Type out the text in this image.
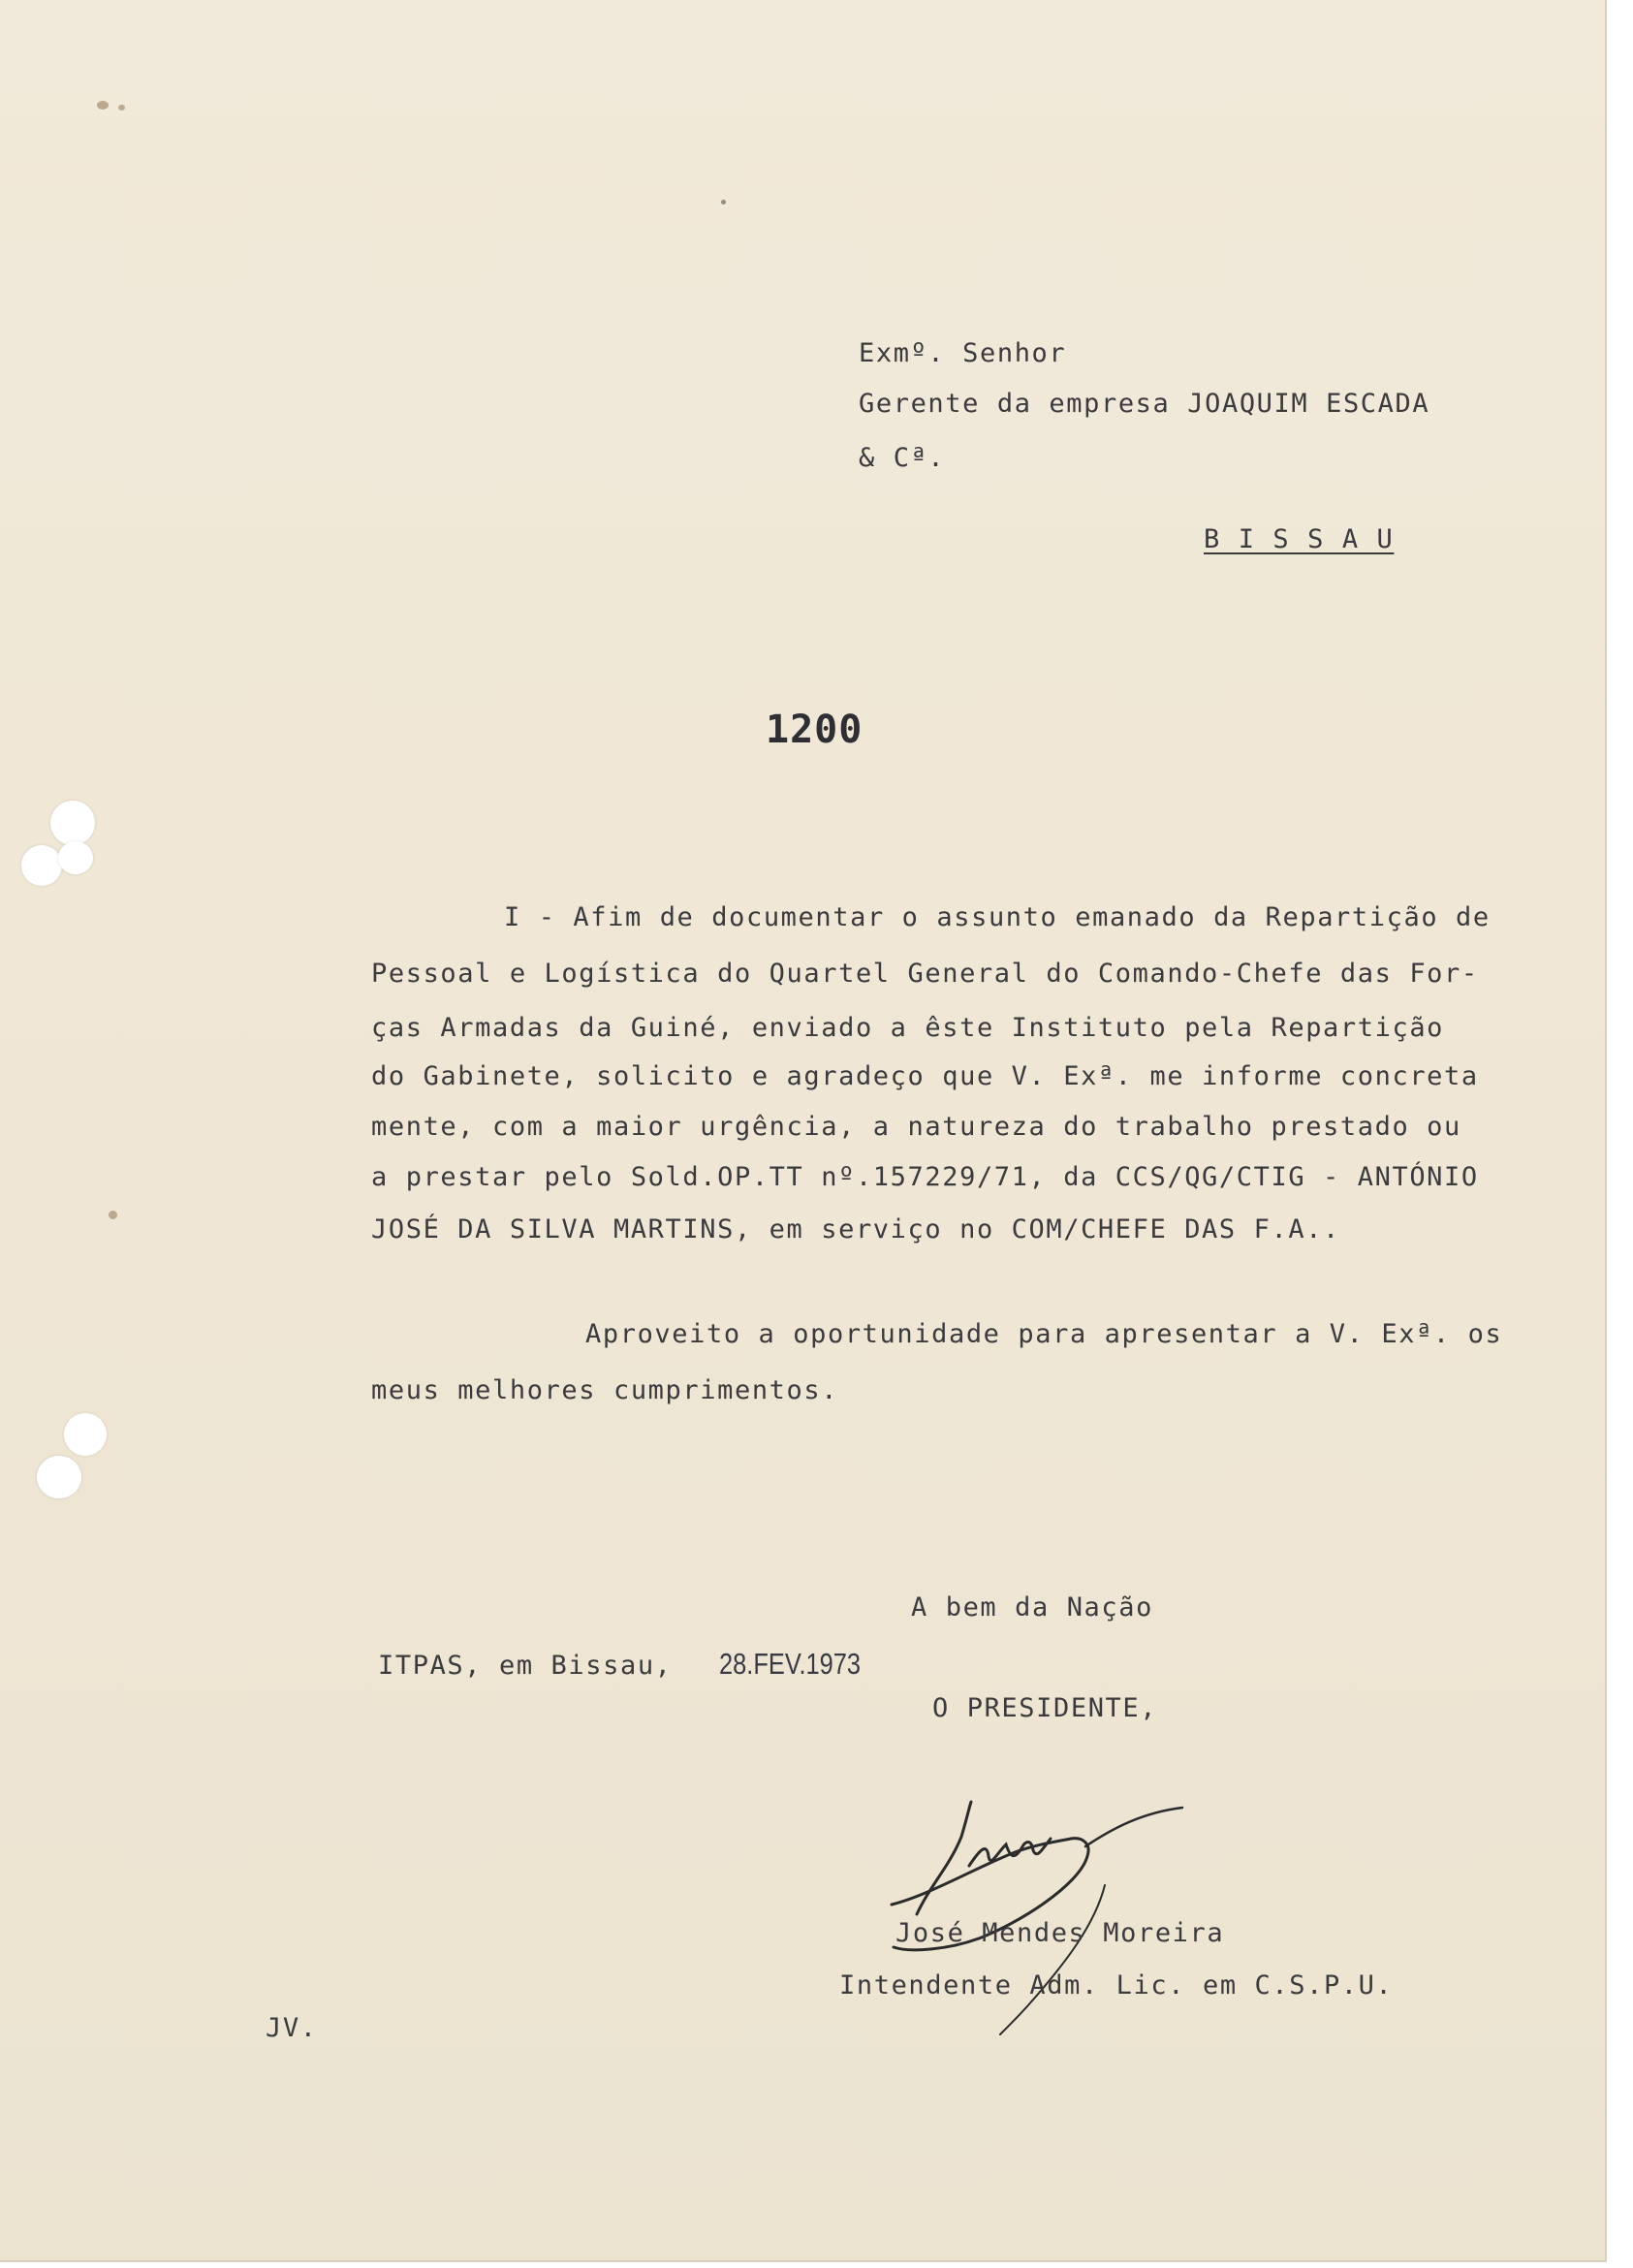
Exmº. Senhor

Gerente da empresa JOAQUIM ESCADA

& Cª.

B I S S A U

1200

I - Afim de documentar o assunto emanado da Repartição de

Pessoal e Logística do Quartel General do Comando-Chefe das For-

ças Armadas da Guiné, enviado a êste Instituto pela Repartição

do Gabinete, solicito e agradeço que V. Exª. me informe concreta

mente, com a maior urgência, a natureza do trabalho prestado ou

a prestar pelo Sold.OP.TT nº.157229/71, da CCS/QG/CTIG - ANTÓNIO

JOSÉ DA SILVA MARTINS, em serviço no COM/CHEFE DAS F.A..

Aproveito a oportunidade para apresentar a V. Exª. os

meus melhores cumprimentos.

A bem da Nação

ITPAS, em Bissau, 28.FEV.1973

O PRESIDENTE,

José Mendes Moreira

Intendente Adm. Lic. em C.S.P.U.

JV.
